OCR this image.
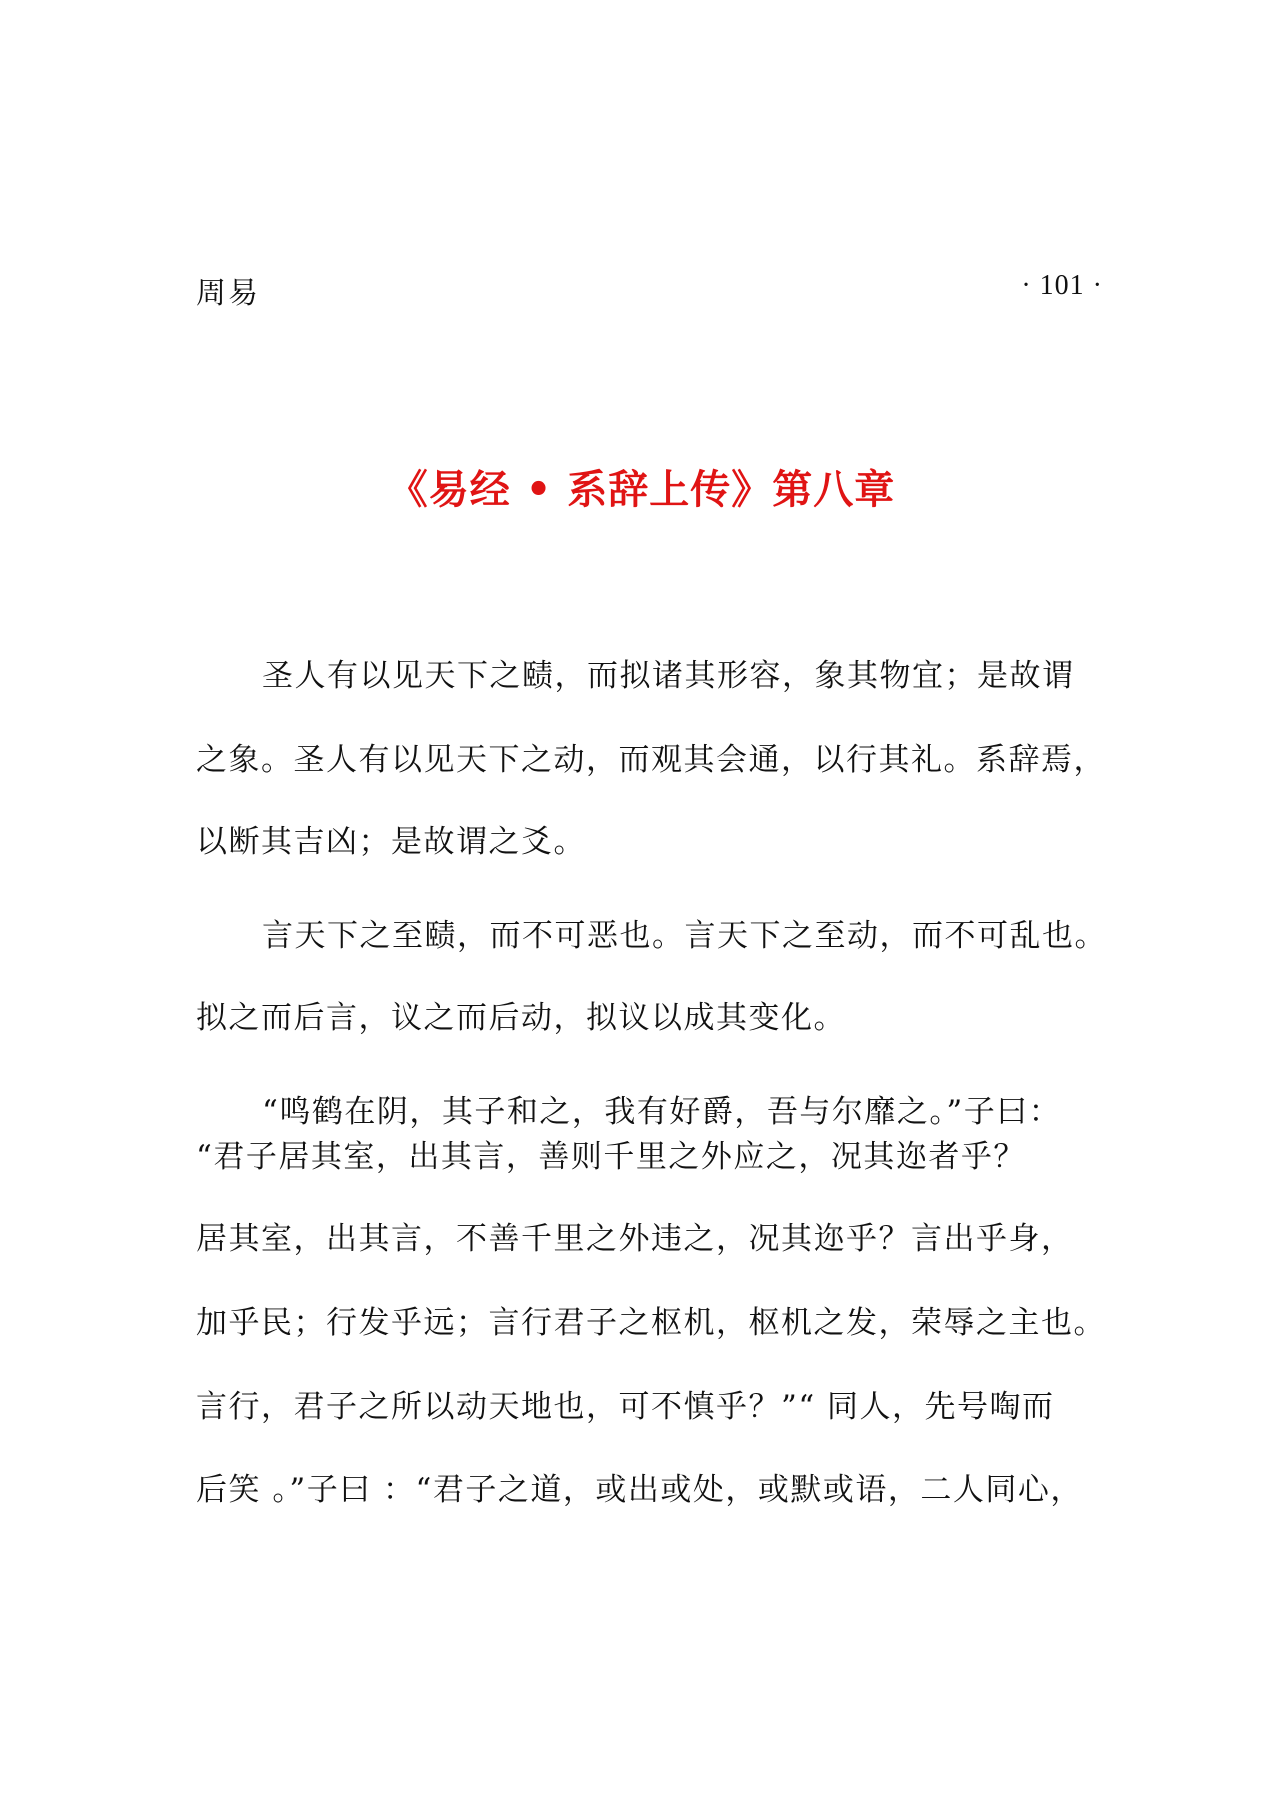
周易	· 101 ·
《易经 • 系辞上传》第八章
圣人有以见天下之赜，而拟诸其形容，象其物宜；是故谓
之象。圣人有以见天下之动，而观其会通，以行其礼。系辞焉，
以断其吉凶；是故谓之爻。
言天下之至赜，而不可恶也。言天下之至动，而不可乱也。
拟之而后言，议之而后动，拟议以成其变化。
“鸣鹤在阴，其子和之，我有好爵，吾与尔靡之。”子曰：
“君子居其室，出其言，善则千里之外应之，况其迩者乎？
居其室，出其言，不善千里之外违之，况其迩乎？言出乎身，
加乎民；行发乎远；言行君子之枢机，枢机之发，荣辱之主也。
言行，君子之所以动天地也，可不慎乎？”“ 同人，先号啕而
后笑 。”子曰 ：“君子之道，或出或处，或默或语，二人同心，
